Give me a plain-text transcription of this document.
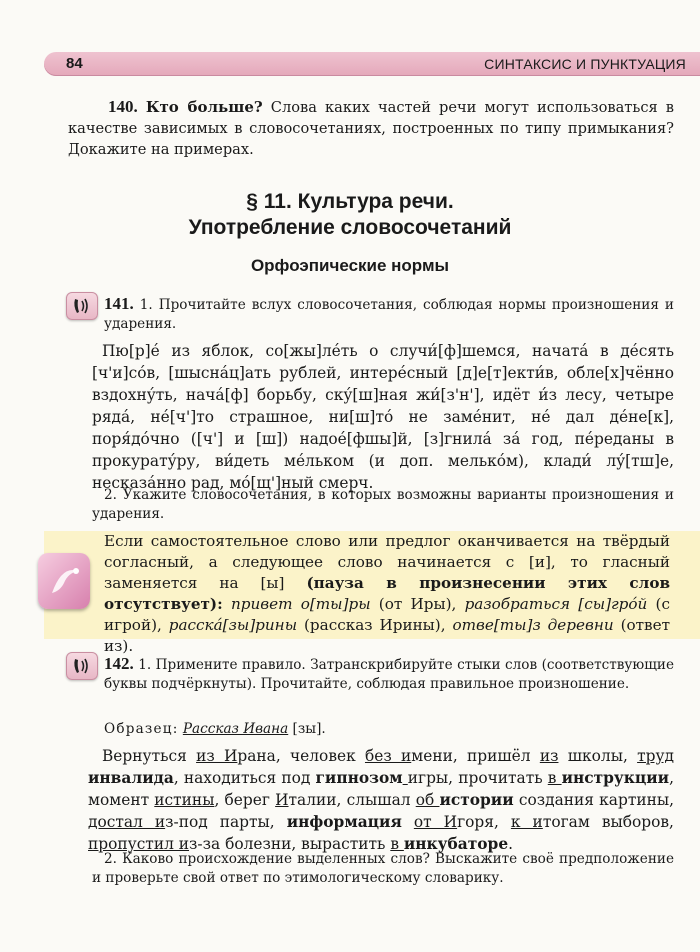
84	СИНТАКСИС И ПУНКТУАЦИЯ

140. Кто больше? Слова каких частей речи могут использоваться в качестве зависимых в словосочетаниях, построенных по типу примыкания? Докажите на примерах.

§ 11. Культура речи.
Употребление словосочетаний
Орфоэпические нормы

141. 1. Прочитайте вслух словосочетания, соблюдая нормы произношения и ударения.

Пю[р]е́ из яблок, со[жы]ле́ть о случи́[ф]шемся, начата́ в де́сять [ч'и]со́в, [шысна́ц]ать рублей, интере́сный [д]е[т]екти́в, обле[х]чённо вздохну́ть, нача́[ф] борьбу, ску́[ш]ная жи́[з'н'], идёт и́з лесу, четыре ряда́, не́[ч']то страшное, ни[ш]то́ не заме́нит, не́ дал де́не[к], поря́до́чно ([ч'] и [ш]) надое́[фшы]й, [з]гнила́ за́ год, пе́реданы в прокурату́ру, ви́деть ме́льком (и доп. мелько́м), клади́ лу́[тш]е, несказа́нно рад, мо́[щ']ный смерч.

2. Укажите словосочетания, в которых возможны варианты произношения и ударения.

Если самостоятельное слово или предлог оканчивается на твёрдый согласный, а следующее слово начинается с [и], то гласный заменяется на [ы] (пауза в произнесении этих слов отсутствует): привет о[ты]ры (от Иры), разобраться [сы]гро́й (с игрой), расска́[зы]рины (рассказ Ирины), отве[ты]з деревни (ответ из).

142. 1. Примените правило. Затранскрибируйте стыки слов (соответствующие буквы подчёркнуты). Прочитайте, соблюдая правильное произношение.

Образец: Рассказ Ивана [зы].

Вернуться из Ирана, человек без имени, пришёл из школы, труд инвалида, находиться под гипнозом игры, прочитать в инструкции, момент истины, берег Италии, слышал об истории создания картины, достал из-под парты, информация от Игоря, к итогам выборов, пропустил из-за болезни, вырастить в инкубаторе.

2. Каково происхождение выделенных слов? Выскажите своё предположение и проверьте свой ответ по этимологическому словарику.
